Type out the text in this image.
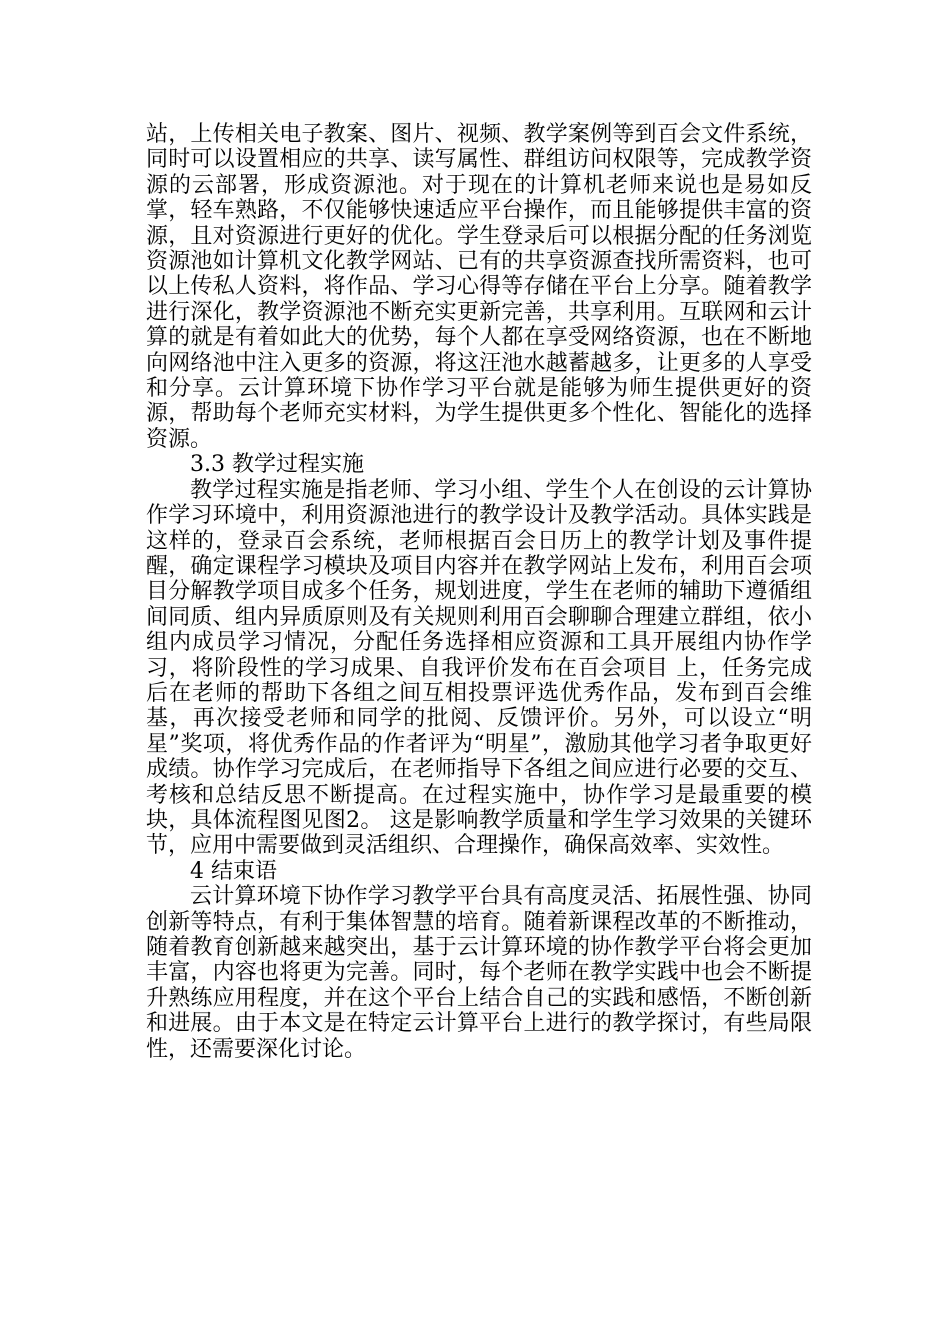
站，上传相关电子教案、图片、视频、教学案例等到百会文件系统，同时可以设置相应的共享、读写属性、群组访问权限等，完成教学资源的云部署，形成资源池。对于现在的计算机老师来说也是易如反掌，轻车熟路，不仅能够快速适应平台操作，而且能够提供丰富的资源，且对资源进行更好的优化。学生登录后可以根据分配的任务浏览资源池如计算机文化教学网站、已有的共享资源查找所需资料，也可以上传私人资料，将作品、学习心得等存储在平台上分享。随着教学进行深化，教学资源池不断充实更新完善，共享利用。互联网和云计算的就是有着如此大的优势，每个人都在享受网络资源，也在不断地向网络池中注入更多的资源，将这汪池水越蓄越多，让更多的人享受和分享。云计算环境下协作学习平台就是能够为师生提供更好的资源，帮助每个老师充实材料，为学生提供更多个性化、智能化的选择资源。

3.3 教学过程实施

教学过程实施是指老师、学习小组、学生个人在创设的云计算协作学习环境中，利用资源池进行的教学设计及教学活动。具体实践是这样的，登录百会系统，老师根据百会日历上的教学计划及事件提醒，确定课程学习模块及项目内容并在教学网站上发布，利用百会项目分解教学项目成多个任务，规划进度，学生在老师的辅助下遵循组间同质、组内异质原则及有关规则利用百会聊聊合理建立群组，依小组内成员学习情况，分配任务选择相应资源和工具开展组内协作学习，将阶段性的学习成果、自我评价发布在百会项目 上，任务完成后在老师的帮助下各组之间互相投票评选优秀作品，发布到百会维基，再次接受老师和同学的批阅、反馈评价。另外，可以设立“明星”奖项，将优秀作品的作者评为“明星”，激励其他学习者争取更好成绩。协作学习完成后，在老师指导下各组之间应进行必要的交互、考核和总结反思不断提高。在过程实施中，协作学习是最重要的模块，具体流程图见图2。 这是影响教学质量和学生学习效果的关键环节，应用中需要做到灵活组织、合理操作，确保高效率、实效性。

4 结束语

云计算环境下协作学习教学平台具有高度灵活、拓展性强、协同创新等特点，有利于集体智慧的培育。随着新课程改革的不断推动，随着教育创新越来越突出，基于云计算环境的协作教学平台将会更加丰富，内容也将更为完善。同时，每个老师在教学实践中也会不断提升熟练应用程度，并在这个平台上结合自己的实践和感悟，不断创新和进展。由于本文是在特定云计算平台上进行的教学探讨，有些局限性，还需要深化讨论。
